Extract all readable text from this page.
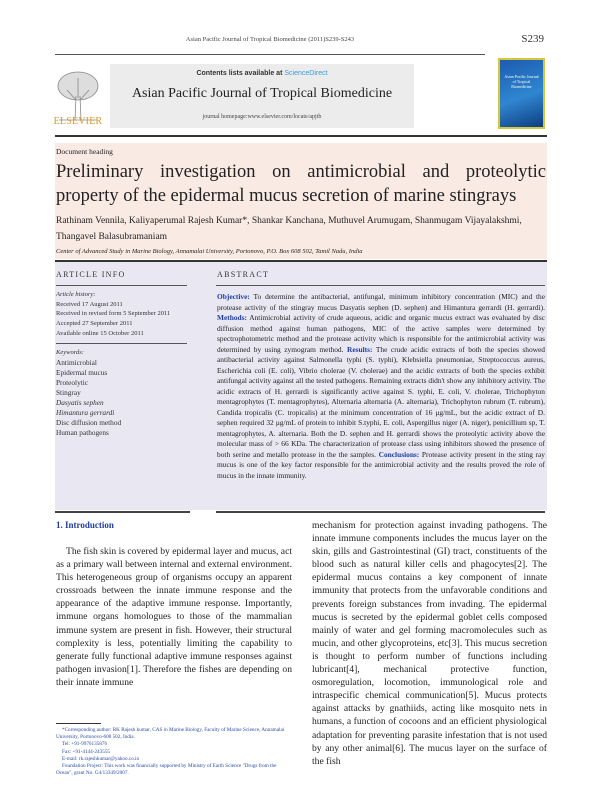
Asian Pacific Journal of Tropical Biomedicine (2011)S239-S243	S239
ELSEVIER
Contents lists available at ScienceDirect
Asian Pacific Journal of Tropical Biomedicine
journal homepage:www.elsevier.com/locate/apjtb
Asian Pacific Journal of Tropical Biomedicine
Document heading
Preliminary investigation on antimicrobial and proteolytic property of the epidermal mucus secretion of marine stingrays
Rathinam Vennila, Kaliyaperumal Rajesh Kumar*, Shankar Kanchana, Muthuvel Arumugam, Shanmugam Vijayalakshmi, Thangavel Balasubramaniam
Center of Advanced Study in Marine Biology, Annamalai University, Portonovo, P.O. Box 608 502, Tamil Nadu, India
ARTICLE INFO
Article history:
Received 17 August 2011
Received in revised form 5 September 2011
Accepted 27 September 2011
Available online 15 October 2011
Keywords:
Antimicrobial
Epidermal mucus
Proteolytic
Stingray
Dasyatis sephen
Himantura gerrardi
Disc diffusion method
Human pathogens
ABSTRACT
Objective: To determine the antibacterial, antifungal, minimum inhibitory concentration (MIC) and the protease activity of the stingray mucus Dasyatis sephen (D. sephen) and Himantura gerrardi (H. gerrardi). Methods: Antimicrobial activity of crude aqueous, acidic and organic mucus extract was evaluated by disc diffusion method against human pathogens, MIC of the active samples were determined by spectrophotometric method and the protease activity which is responsible for the antimicrobial activity was determined by using zymogram method. Results: The crude acidic extracts of both the species showed antibacterial activity against Salmonella typhi (S. typhi), Klebsiella pneumoniae, Streptococcus aureus, Escherichia coli (E. coli), Vibrio cholerae (V. cholerae) and the acidic extracts of both the species exhibit antifungal activity against all the tested pathogens. Remaining extracts didn't show any inhibitory activity. The acidic extracts of H. gerrardi is significantly active against S. typhi, E. coli, V. cholerae, Trichophyton mentagrophytes (T. mentagrophytes), Alternaria alternaria (A. alternaria), Trichophyton rubrum (T. rubrum), Candida tropicalis (C. tropicalis) at the minimum concentration of 16 μg/mL, but the acidic extract of D. sephen required 32 μg/mL of protein to inhibit S.typhi, E. coli, Aspergillus niger (A. niger), penicillium sp, T. mentagrophytes, A. alternaria. Both the D. sephen and H. gerrardi shows the proteolytic activity above the molecular mass of > 66 KDa. The characterization of protease class using inhibitors showed the presence of both serine and metallo protease in the the samples. Conclusions: Protease activity present in the sting ray mucus is one of the key factor responsible for the antimicrobial activity and the results proved the role of mucus in the innate immunity.
1. Introduction
The fish skin is covered by epidermal layer and mucus, act as a primary wall between internal and external environment. This heterogeneous group of organisms occupy an apparent crossroads between the innate immune response and the appearance of the adaptive immune response. Importantly, immune organs homologues to those of the mammalian immune system are present in fish. However, their structural complexity is less, potentially limiting the capability to generate fully functional adaptive immune responses against pathogen invasion[1]. Therefore the fishes are depending on their innate immune
mechanism for protection against invading pathogens. The innate immune components includes the mucus layer on the skin, gills and Gastrointestinal (GI) tract, constituents of the blood such as natural killer cells and phagocytes[2]. The epidermal mucus contains a key component of innate immunity that protects from the unfavorable conditions and prevents foreign substances from invading. The epidermal mucus is secreted by the epidermal goblet cells composed mainly of water and gel forming macromolecules such as mucin, and other glycoproteins, etc[3]. This mucus secretion is thought to perform number of functions including lubricant[4], mechanical protective function, osmoregulation, locomotion, immunological role and intraspecific chemical communication[5]. Mucus protects against attacks by gnathiids, acting like mosquito nets in humans, a function of cocoons and an efficient physiological adaptation for preventing parasite infestation that is not used by any other animal[6]. The mucus layer on the surface of the fish
*Corresponding author: RK Rajesh kumar, CAS in Marine Biology, Faculty of Marine Science, Annamalai University, Portonovo-608 502, India.
Tel: +91-9976135876
Fax: +91-4144-243555
E-mail: rk.rajeshkumar@yahoo.co.in
Foundation Project: This work was financially supported by Ministry of Earth Science "Drugs from the Ocean", grant No. G4/13349/2007.
